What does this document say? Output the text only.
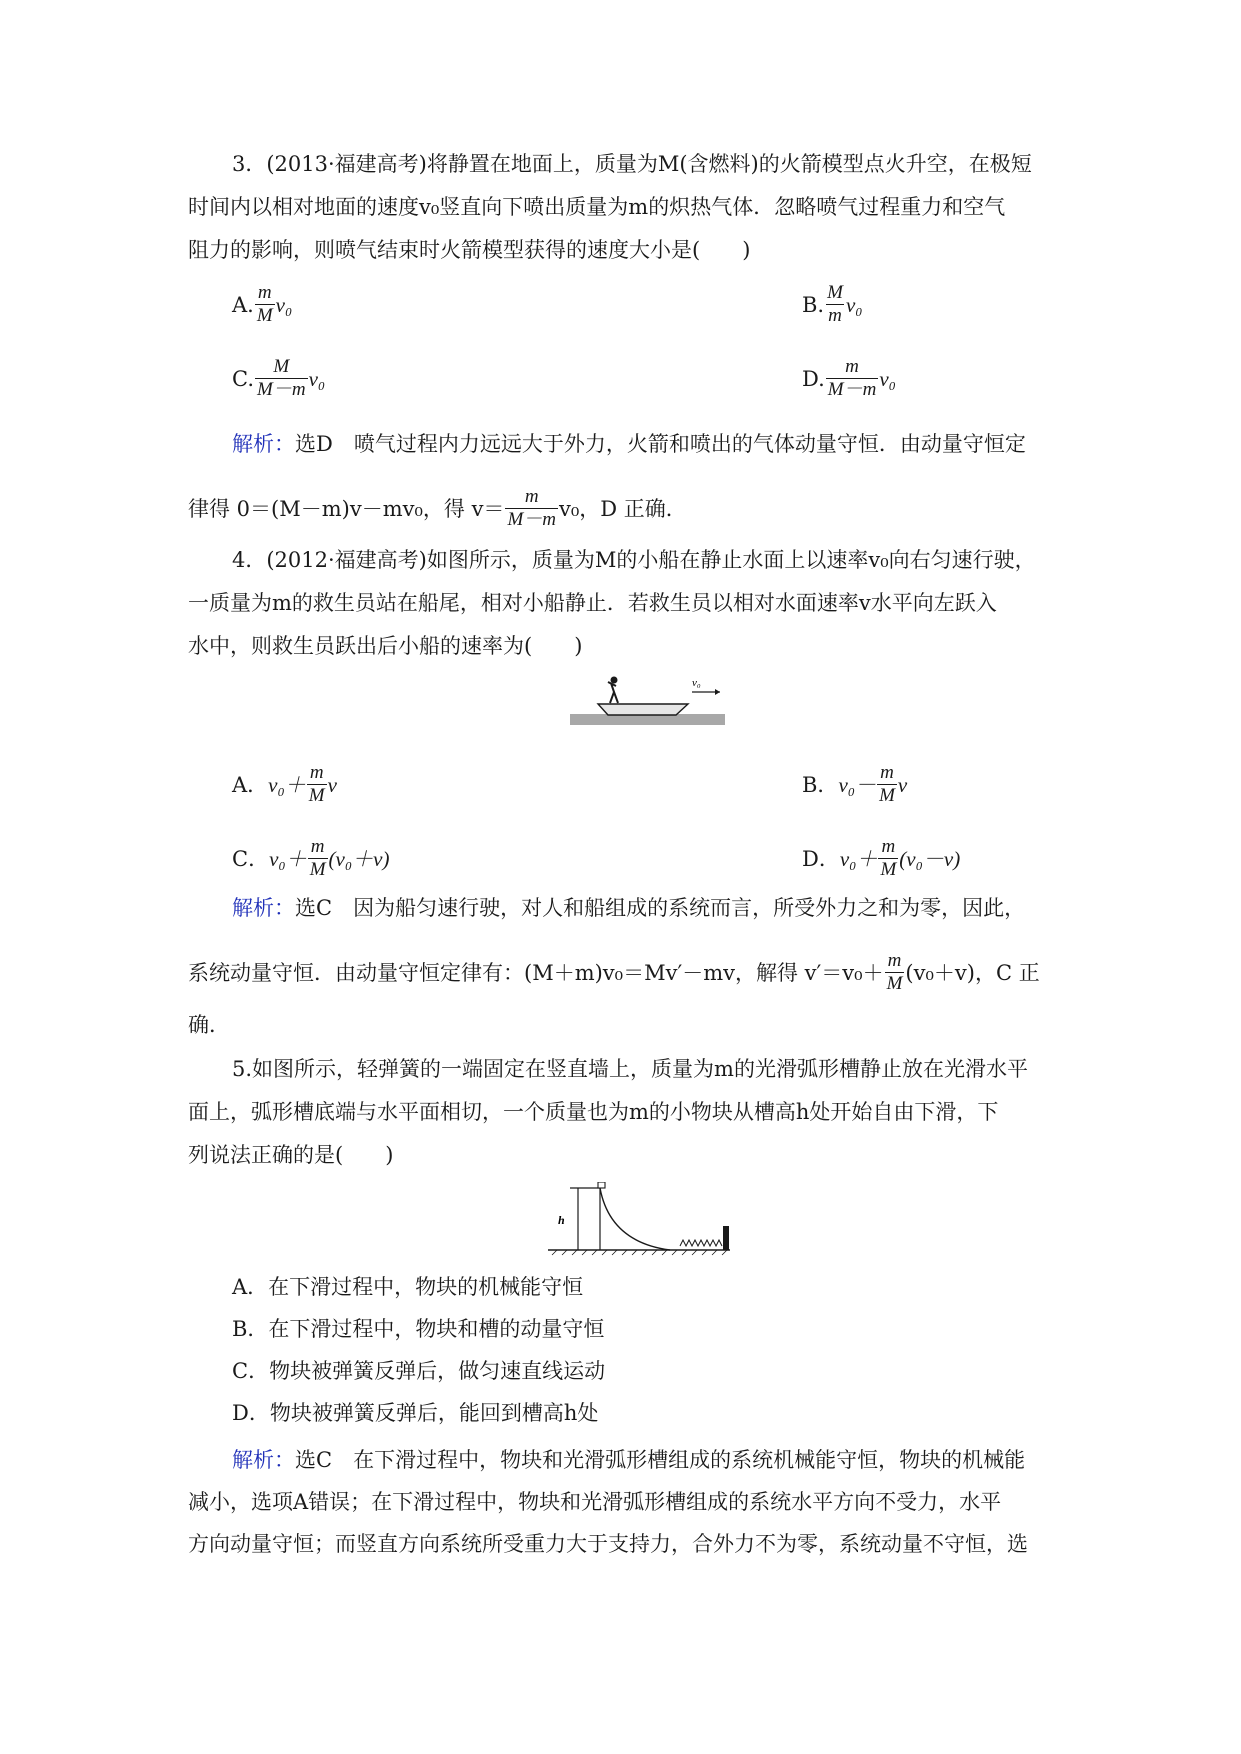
3．(2013·福建高考)将静置在地面上，质量为M(含燃料)的火箭模型点火升空，在极短
时间内以相对地面的速度v₀竖直向下喷出质量为m的炽热气体．忽略喷气过程重力和空气
阻力的影响，则喷气结束时火箭模型获得的速度大小是(　　)
A. $\frac{m}{M} v_0$	B. $\frac{M}{m} v_0$
C. $\frac{M}{M-m} v_0$	D. $\frac{m}{M-m} v_0$
解析：选D　喷气过程内力远远大于外力，火箭和喷出的气体动量守恒．由动量守恒定
律得 0＝(M－m)v－mv₀，得 $v= \frac{m}{M-m} v_0$，D 正确．
4．(2012·福建高考)如图所示，质量为M的小船在静止水面上以速率v₀向右匀速行驶，
一质量为m的救生员站在船尾，相对小船静止．若救生员以相对水面速率v水平向左跃入
水中，则救生员跃出后小船的速率为(　　)
v₀
A． $v_0+ \frac{m}{M}$ v	B． $v_0- \frac{m}{M}$ v
C． $v_0+ \frac{m}{M} (v_0+v)$	D． $v_0+ \frac{m}{M} (v_0-v)$
解析：选C　因为船匀速行驶，对人和船组成的系统而言，所受外力之和为零，因此，
系统动量守恒．由动量守恒定律有：(M＋m)v₀＝Mv′－mv，解得 $v'=v_0+ \frac{m}{M} (v_0+v)$，C 正
确．
5.如图所示，轻弹簧的一端固定在竖直墙上，质量为m的光滑弧形槽静止放在光滑水平
面上，弧形槽底端与水平面相切，一个质量也为m的小物块从槽高h处开始自由下滑，下
列说法正确的是(　　)
h
A．在下滑过程中，物块的机械能守恒
B．在下滑过程中，物块和槽的动量守恒
C．物块被弹簧反弹后，做匀速直线运动
D．物块被弹簧反弹后，能回到槽高h处
解析：选C　在下滑过程中，物块和光滑弧形槽组成的系统机械能守恒，物块的机械能
减小，选项A错误；在下滑过程中，物块和光滑弧形槽组成的系统水平方向不受力，水平
方向动量守恒；而竖直方向系统所受重力大于支持力，合外力不为零，系统动量不守恒，选
